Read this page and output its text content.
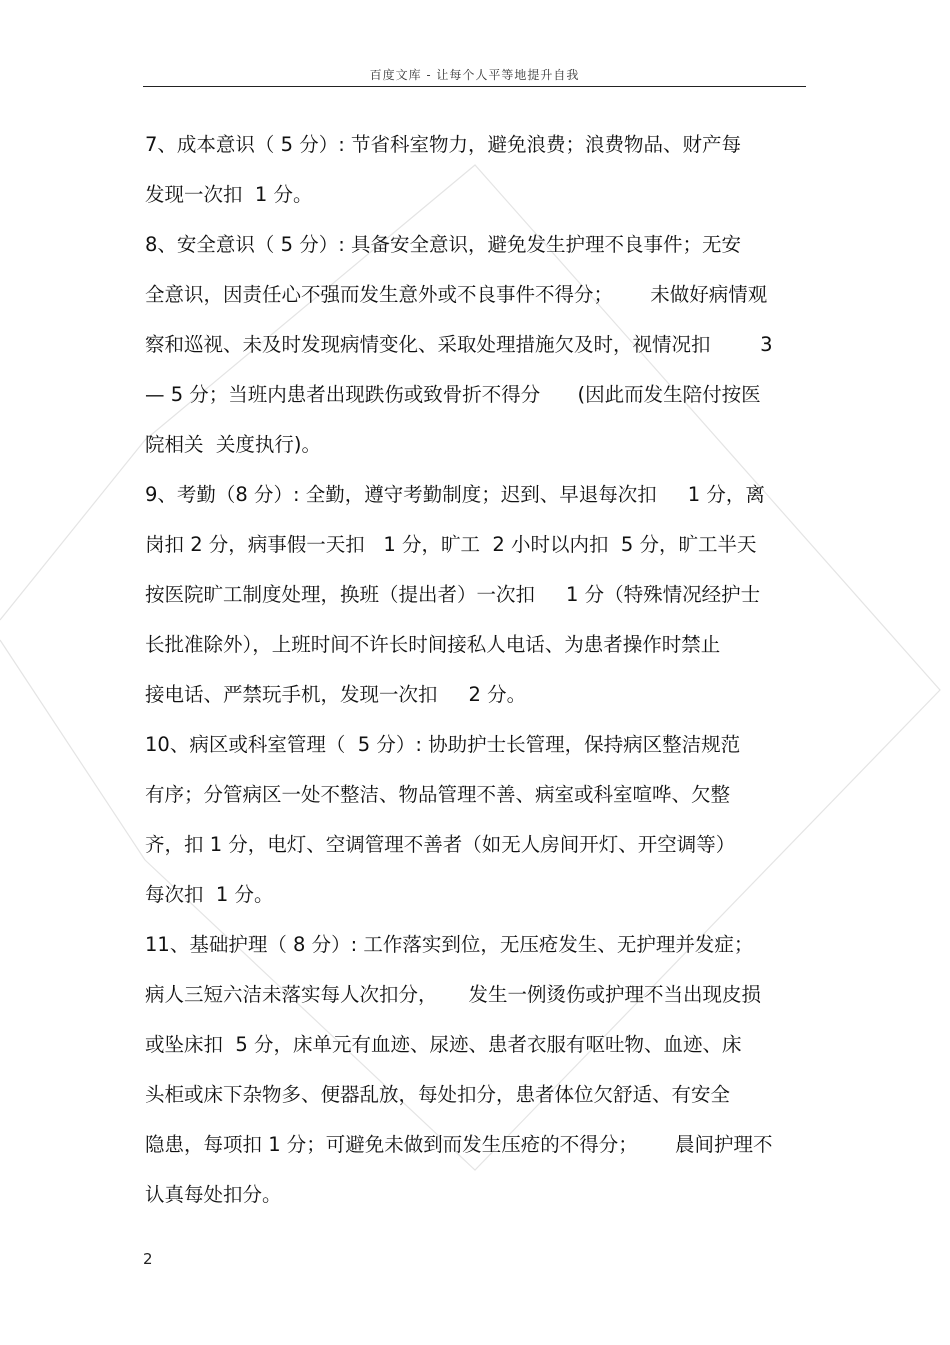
百度文库 - 让每个人平等地提升自我
7、成本意识（ 5 分）: 节省科室物力，避免浪费；浪费物品、财产每
发现一次扣  1 分。
8、安全意识（ 5 分）: 具备安全意识，避免发生护理不良事件；无安
全意识，因责任心不强而发生意外或不良事件不得分；      未做好病情观
察和巡视、未及时发现病情变化、采取处理措施欠及时，视情况扣        3
— 5 分；当班内患者出现跌伤或致骨折不得分      (因此而发生陪付按医
院相关  关度执行)。
9、考勤（8 分）: 全勤，遵守考勤制度；迟到、早退每次扣     1 分，离
岗扣 2 分，病事假一天扣   1 分，旷工  2 小时以内扣  5 分，旷工半天
按医院旷工制度处理，换班（提出者）一次扣     1 分（特殊情况经护士
长批准除外），上班时间不许长时间接私人电话、为患者操作时禁止
接电话、严禁玩手机，发现一次扣     2 分。
10、病区或科室管理（  5 分）: 协助护士长管理，保持病区整洁规范
有序；分管病区一处不整洁、物品管理不善、病室或科室喧哗、欠整
齐，扣 1 分，电灯、空调管理不善者（如无人房间开灯、开空调等）
每次扣  1 分。
11、基础护理（ 8 分）: 工作落实到位，无压疮发生、无护理并发症；
病人三短六洁未落实每人次扣分，     发生一例烫伤或护理不当出现皮损
或坠床扣  5 分，床单元有血迹、尿迹、患者衣服有呕吐物、血迹、床
头柜或床下杂物多、便器乱放，每处扣分，患者体位欠舒适、有安全
隐患，每项扣 1 分；可避免未做到而发生压疮的不得分；      晨间护理不
认真每处扣分。
2
